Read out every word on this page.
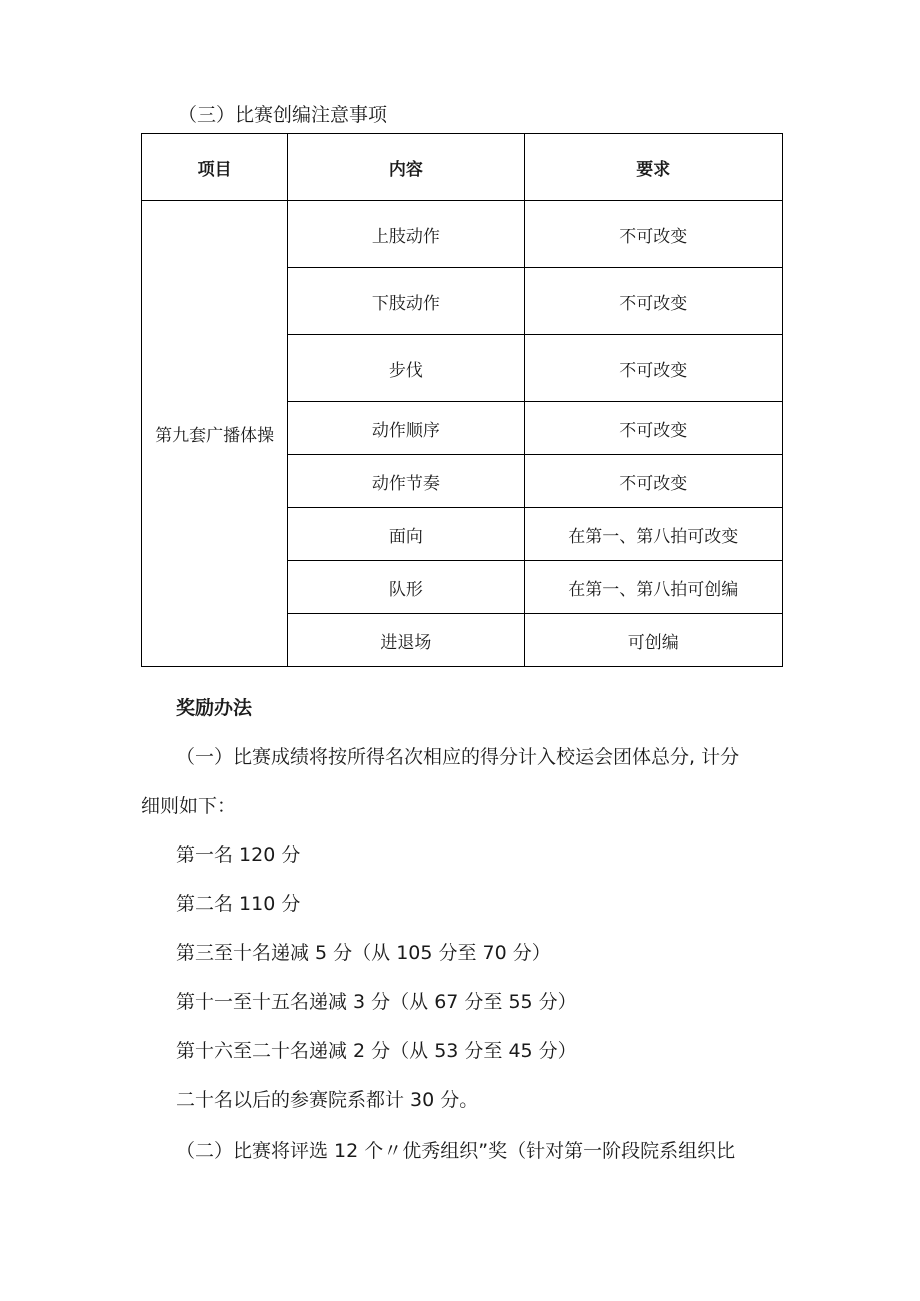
（三）比赛创编注意事项
项目	内容	要求
第九套广播体操	上肢动作	不可改变
	下肢动作	不可改变
	步伐	不可改变
	动作顺序	不可改变
	动作节奏	不可改变
	面向	在第一、第八拍可改变
	队形	在第一、第八拍可创编
	进退场	可创编
奖励办法
（一）比赛成绩将按所得名次相应的得分计入校运会团体总分, 计分
细则如下：
第一名 120 分
第二名 110 分
第三至十名递减 5 分（从 105 分至 70 分）
第十一至十五名递减 3 分（从 67 分至 55 分）
第十六至二十名递减 2 分（从 53 分至 45 分）
二十名以后的参赛院系都计 30 分。
（二）比赛将评选 12 个〃优秀组织”奖（针对第一阶段院系组织比
